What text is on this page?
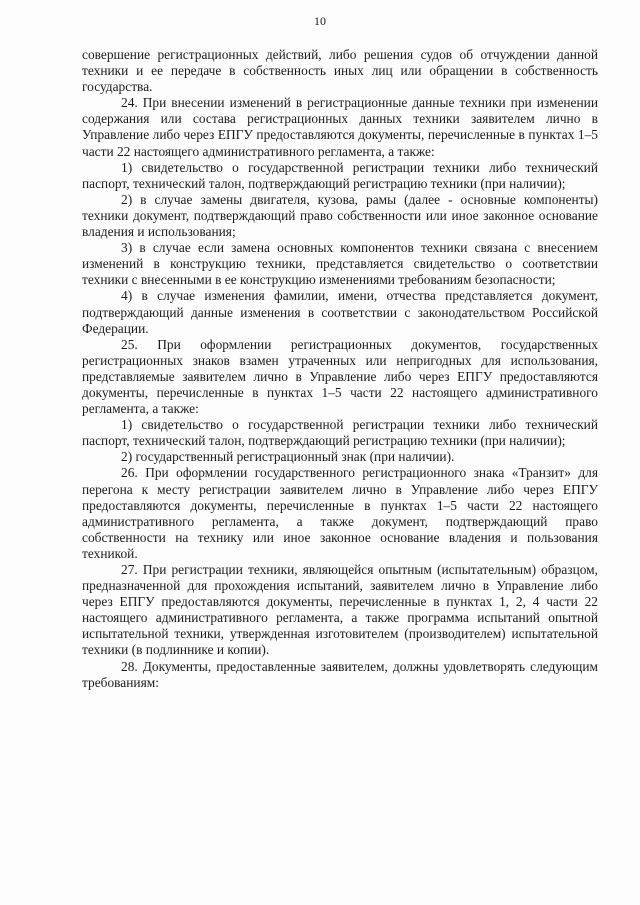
10

совершение регистрационных действий, либо решения судов об отчуждении данной техники и ее передаче в собственность иных лиц или обращении в собственность государства.

24. При внесении изменений в регистрационные данные техники при изменении содержания или состава регистрационных данных техники заявителем лично в Управление либо через ЕПГУ предоставляются документы, перечисленные в пунктах 1–5 части 22 настоящего административного регламента, а также:

1) свидетельство о государственной регистрации техники либо технический паспорт, технический талон, подтверждающий регистрацию техники (при наличии);

2) в случае замены двигателя, кузова, рамы (далее - основные компоненты) техники документ, подтверждающий право собственности или иное законное основание владения и использования;

3) в случае если замена основных компонентов техники связана с внесением изменений в конструкцию техники, представляется свидетельство о соответствии техники с внесенными в ее конструкцию изменениями требованиям безопасности;

4) в случае изменения фамилии, имени, отчества представляется документ, подтверждающий данные изменения в соответствии с законодательством Российской Федерации.

25. При оформлении регистрационных документов, государственных регистрационных знаков взамен утраченных или непригодных для использования, представляемые заявителем лично в Управление либо через ЕПГУ предоставляются документы, перечисленные в пунктах 1–5 части 22 настоящего административного регламента, а также:

1) свидетельство о государственной регистрации техники либо технический паспорт, технический талон, подтверждающий регистрацию техники (при наличии);

2) государственный регистрационный знак (при наличии).

26. При оформлении государственного регистрационного знака «Транзит» для перегона к месту регистрации заявителем лично в Управление либо через ЕПГУ предоставляются документы, перечисленные в пунктах 1–5 части 22 настоящего административного регламента, а также документ, подтверждающий право собственности на технику или иное законное основание владения и пользования техникой.

27. При регистрации техники, являющейся опытным (испытательным) образцом, предназначенной для прохождения испытаний, заявителем лично в Управление либо через ЕПГУ предоставляются документы, перечисленные в пунктах 1, 2, 4 части 22 настоящего административного регламента, а также программа испытаний опытной испытательной техники, утвержденная изготовителем (производителем) испытательной техники (в подлиннике и копии).

28. Документы, предоставленные заявителем, должны удовлетворять следующим требованиям:
